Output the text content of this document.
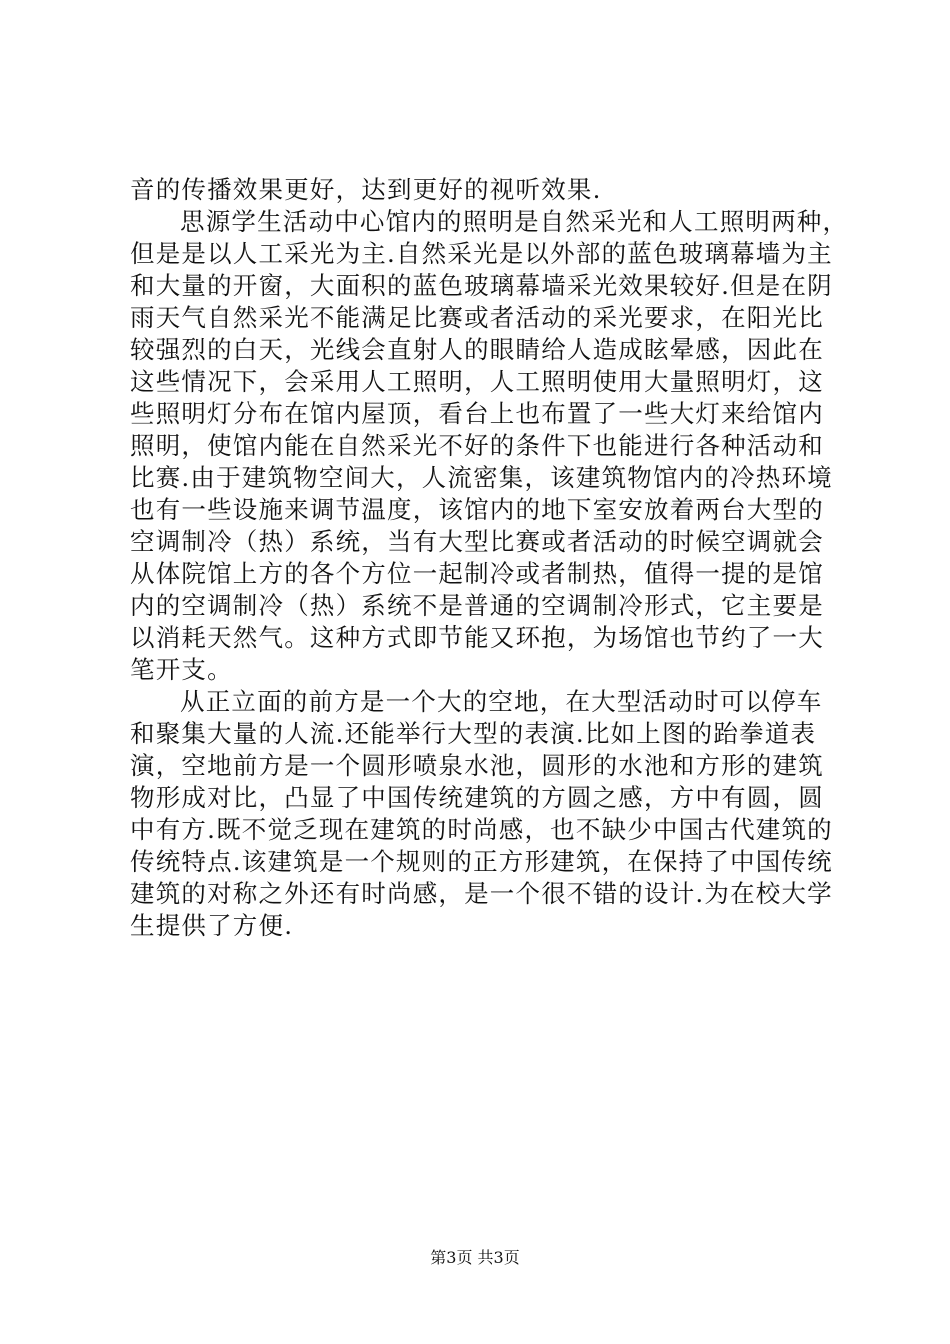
音的传播效果更好，达到更好的视听效果.
思源学生活动中心馆内的照明是自然采光和人工照明两种，
但是是以人工采光为主.自然采光是以外部的蓝色玻璃幕墙为主
和大量的开窗，大面积的蓝色玻璃幕墙采光效果较好.但是在阴
雨天气自然采光不能满足比赛或者活动的采光要求，在阳光比
较强烈的白天，光线会直射人的眼睛给人造成眩晕感，因此在
这些情况下，会采用人工照明，人工照明使用大量照明灯，这
些照明灯分布在馆内屋顶，看台上也布置了一些大灯来给馆内
照明，使馆内能在自然采光不好的条件下也能进行各种活动和
比赛.由于建筑物空间大，人流密集，该建筑物馆内的冷热环境
也有一些设施来调节温度，该馆内的地下室安放着两台大型的
空调制冷（热）系统，当有大型比赛或者活动的时候空调就会
从体院馆上方的各个方位一起制冷或者制热，值得一提的是馆
内的空调制冷（热）系统不是普通的空调制冷形式，它主要是
以消耗天然气。这种方式即节能又环抱，为场馆也节约了一大
笔开支。
从正立面的前方是一个大的空地，在大型活动时可以停车
和聚集大量的人流.还能举行大型的表演.比如上图的跆拳道表
演，空地前方是一个圆形喷泉水池，圆形的水池和方形的建筑
物形成对比，凸显了中国传统建筑的方圆之感，方中有圆，圆
中有方.既不觉乏现在建筑的时尚感，也不缺少中国古代建筑的
传统特点.该建筑是一个规则的正方形建筑，在保持了中国传统
建筑的对称之外还有时尚感，是一个很不错的设计.为在校大学
生提供了方便.
第3页 共3页
